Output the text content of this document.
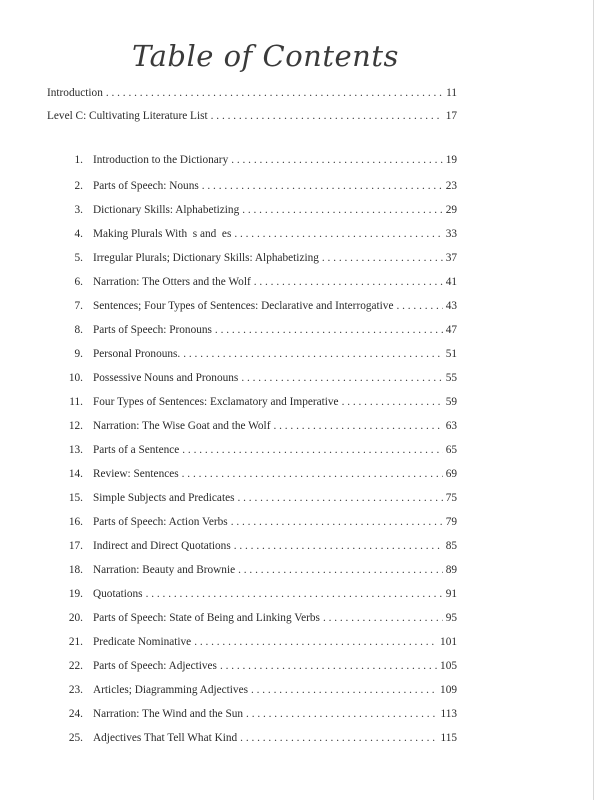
Table of Contents
Introduction . . .	11
Level C: Cultivating Literature List . . .	17
1. Introduction to the Dictionary . . .	19
2. Parts of Speech: Nouns . . .	23
3. Dictionary Skills: Alphabetizing . . .	29
4. Making Plurals With  s and  es . . .	33
5. Irregular Plurals; Dictionary Skills: Alphabetizing . . .	37
6. Narration: The Otters and the Wolf . . .	41
7. Sentences; Four Types of Sentences: Declarative and Interrogative . . .	43
8. Parts of Speech: Pronouns . . .	47
9. Personal Pronouns. . . .	51
10. Possessive Nouns and Pronouns . . .	55
11. Four Types of Sentences: Exclamatory and Imperative . . .	59
12. Narration: The Wise Goat and the Wolf . . .	63
13. Parts of a Sentence . . .	65
14. Review: Sentences . . .	69
15. Simple Subjects and Predicates . . .	75
16. Parts of Speech: Action Verbs . . .	79
17. Indirect and Direct Quotations . . .	85
18. Narration: Beauty and Brownie . . .	89
19. Quotations . . .	91
20. Parts of Speech: State of Being and Linking Verbs . . .	95
21. Predicate Nominative . . .	101
22. Parts of Speech: Adjectives . . .	105
23. Articles; Diagramming Adjectives . . .	109
24. Narration: The Wind and the Sun . . .	113
25. Adjectives That Tell What Kind . . .	115
